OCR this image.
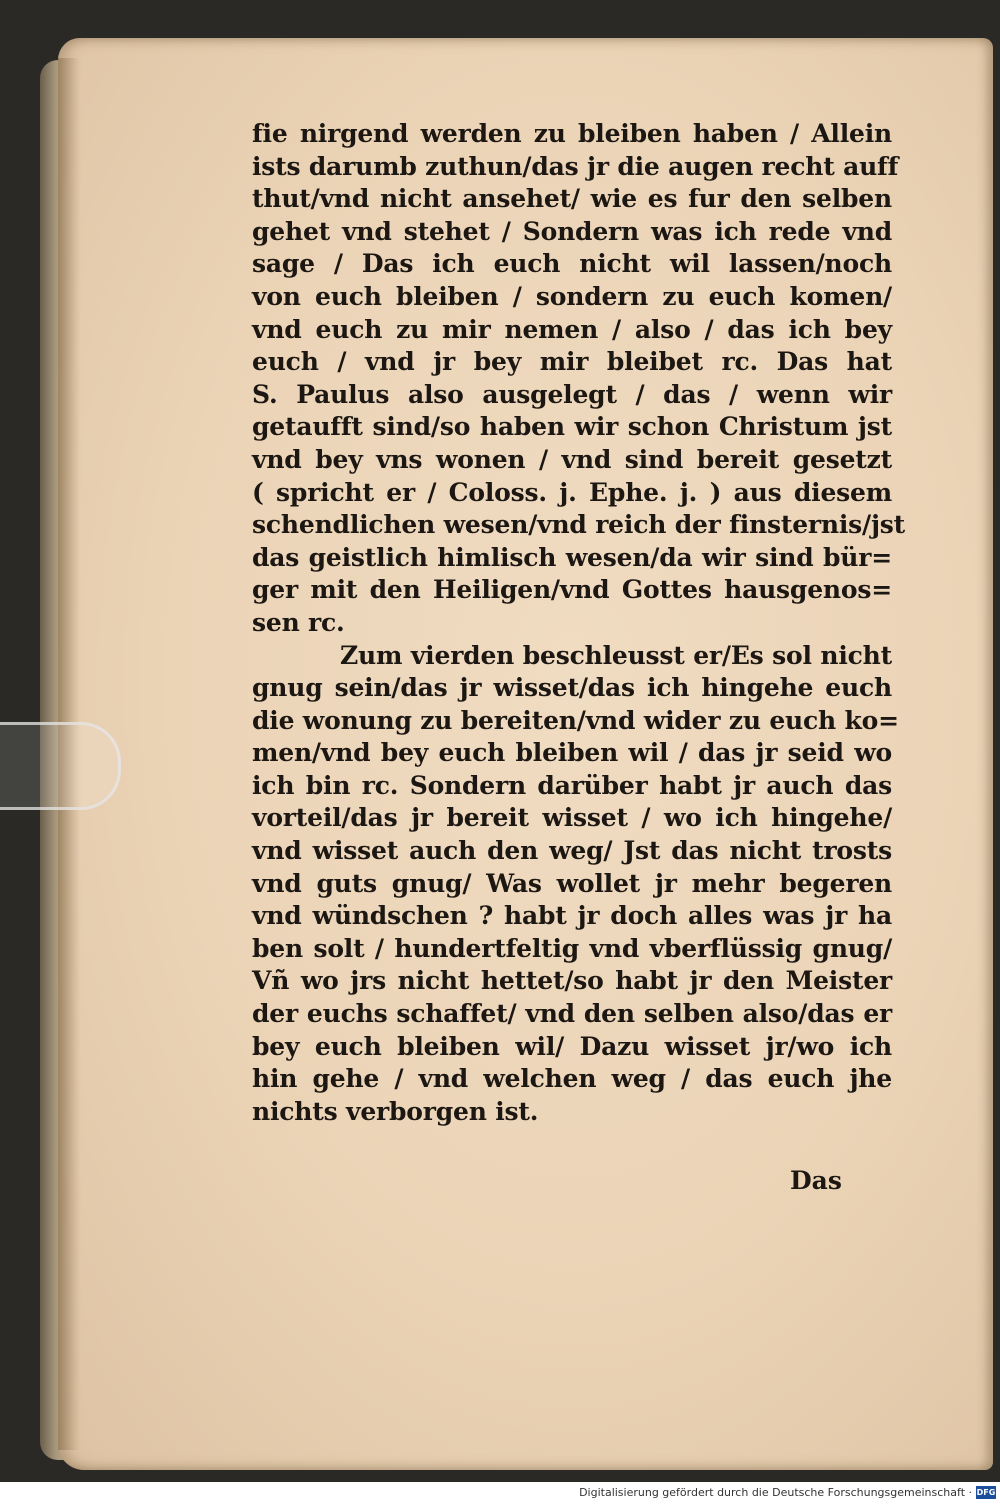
fie nirgend werden zu bleiben haben / Allein
ists darumb zuthun/das jr die augen recht auff
thut/vnd nicht ansehet/ wie es fur den selben
gehet vnd stehet / Sondern was ich rede vnd
sage / Das ich euch nicht wil lassen/noch
von euch bleiben / sondern zu euch komen/
vnd euch zu mir nemen / also / das ich bey
euch / vnd jr bey mir bleibet rc. Das hat
S. Paulus also ausgelegt / das / wenn wir
getaufft sind/so haben wir schon Christum jst
vnd bey vns wonen / vnd sind bereit gesetzt
( spricht er / Coloss. j. Ephe. j. ) aus diesem
schendlichen wesen/vnd reich der finsternis/jst
das geistlich himlisch wesen/da wir sind bür=
ger mit den Heiligen/vnd Gottes hausgenos=
sen rc.
Zum vierden beschleusst er/Es sol nicht
gnug sein/das jr wisset/das ich hingehe euch
die wonung zu bereiten/vnd wider zu euch ko=
men/vnd bey euch bleiben wil / das jr seid wo
ich bin rc. Sondern darüber habt jr auch das
vorteil/das jr bereit wisset / wo ich hingehe/
vnd wisset auch den weg/ Jst das nicht trosts
vnd guts gnug/ Was wollet jr mehr begeren
vnd wündschen ? habt jr doch alles was jr ha
ben solt / hundertfeltig vnd vberflüssig gnug/
Vñ wo jrs nicht hettet/so habt jr den Meister
der euchs schaffet/ vnd den selben also/das er
bey euch bleiben wil/ Dazu wisset jr/wo ich
hin gehe / vnd welchen weg / das euch jhe
nichts verborgen ist.
Das
Digitalisierung gefördert durch die Deutsche Forschungsgemeinschaft · DFG
